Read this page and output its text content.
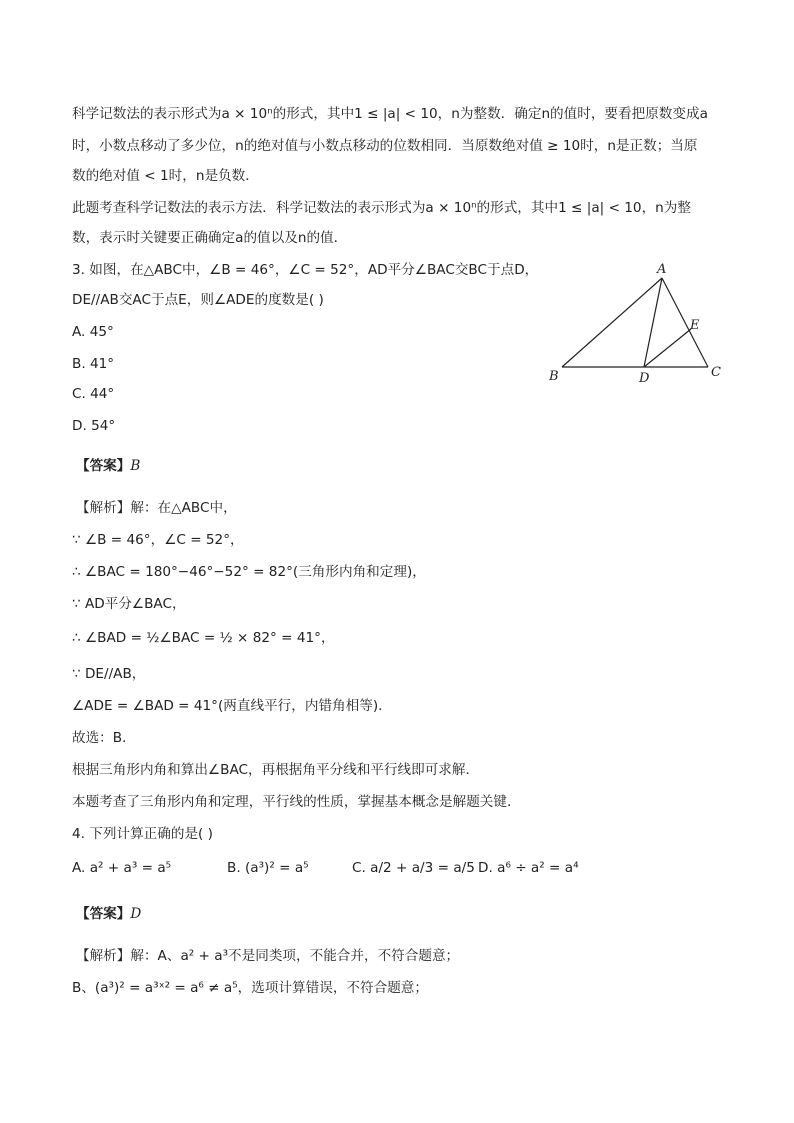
科学记数法的表示形式为a × 10ⁿ的形式，其中1 ≤ |a| < 10，n为整数．确定n的值时，要看把原数变成a
时，小数点移动了多少位，n的绝对值与小数点移动的位数相同．当原数绝对值 ≥ 10时，n是正数；当原
数的绝对值 < 1时，n是负数．
此题考查科学记数法的表示方法．科学记数法的表示形式为a × 10ⁿ的形式，其中1 ≤ |a| < 10，n为整
数，表示时关键要正确确定a的值以及n的值．
3. 如图，在△ABC中，∠B = 46°，∠C = 52°，AD平分∠BAC交BC于点D，
DE//AB交AC于点E，则∠ADE的度数是( )
A. 45°
B. 41°
C. 44°
D. 54°
A
B	C
D
E
【答案】B
【解析】解：在△ABC中，
∵ ∠B = 46°，∠C = 52°，
∴ ∠BAC = 180°−46°−52° = 82°(三角形内角和定理)，
∵ AD平分∠BAC，
∴ ∠BAD = ½∠BAC = ½ × 82° = 41°，
∵ DE//AB，
∠ADE = ∠BAD = 41°(两直线平行，内错角相等)．
故选：B．
根据三角形内角和算出∠BAC，再根据角平分线和平行线即可求解．
本题考查了三角形内角和定理，平行线的性质，掌握基本概念是解题关键．
4. 下列计算正确的是( )
A. a² + a³ = a⁵	B. (a³)² = a⁵	C. a/2 + a/3 = a/5 D. a⁶ ÷ a² = a⁴
【答案】D
【解析】解：A、a² + a³不是同类项，不能合并，不符合题意；
B、(a³)² = a³ˣ² = a⁶ ≠ a⁵，选项计算错误，不符合题意；
